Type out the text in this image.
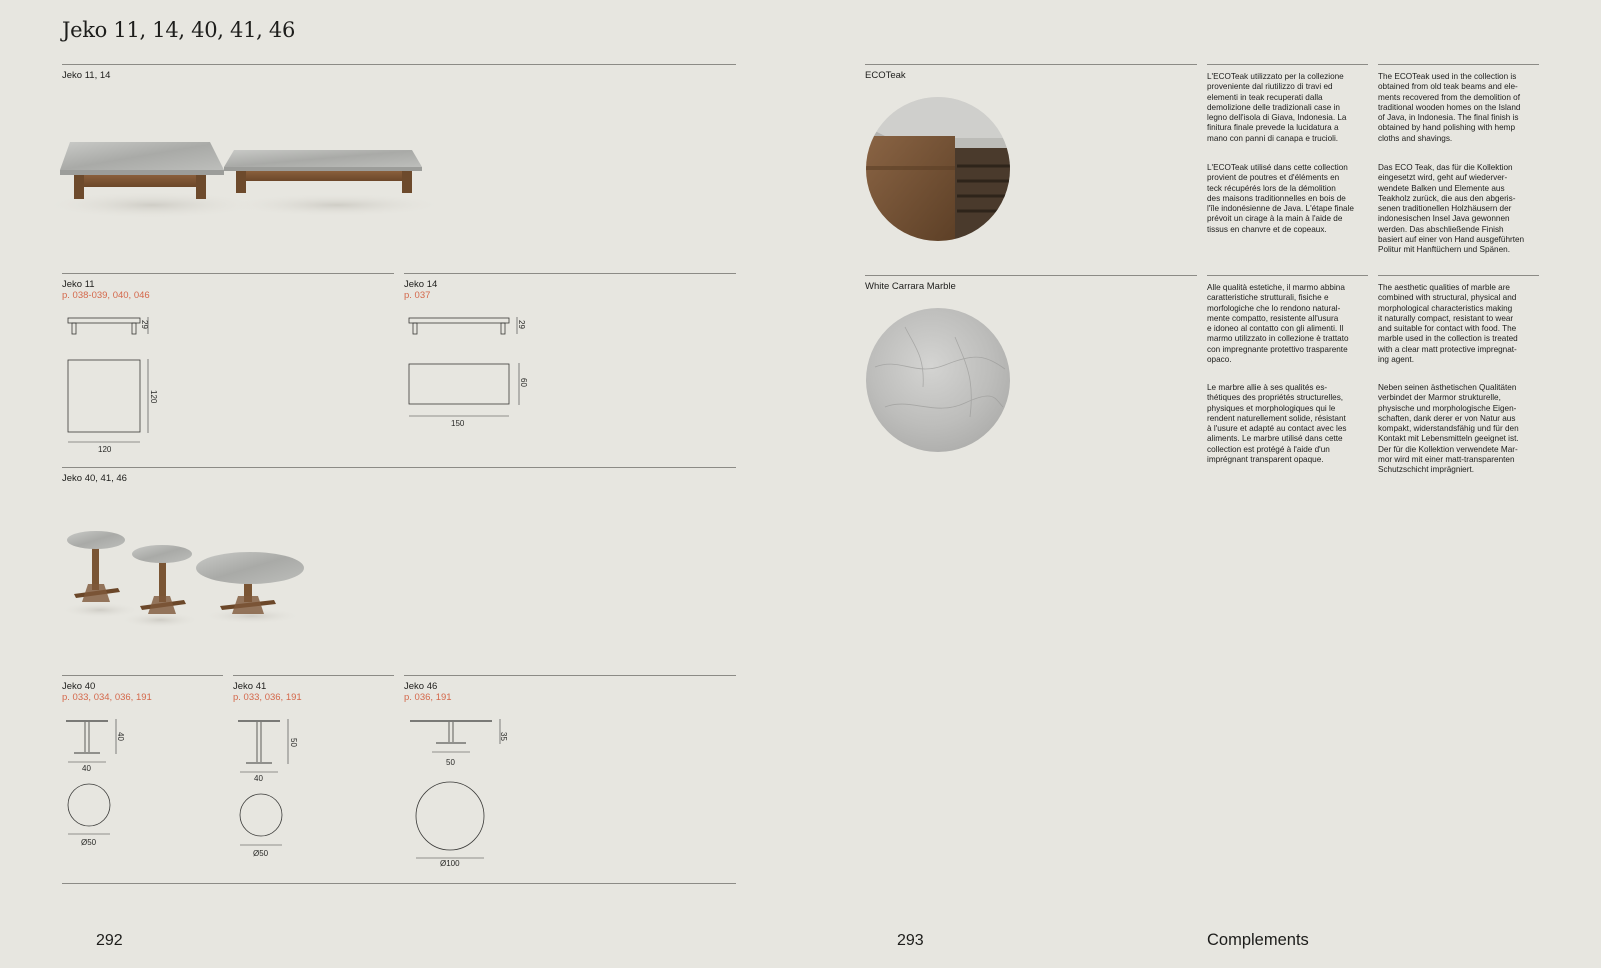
Jeko 11, 14, 40, 41, 46
Jeko 11, 14
Jeko 11
p. 038-039, 040, 046
Jeko 14
p. 037
29
120
120
29
60
150
Jeko 40, 41, 46
Jeko 40
p. 033, 034, 036, 191
Jeko 41
p. 033, 036, 191
Jeko 46
p. 036, 191
40
40
Ø50
50
40
Ø50
35
50
Ø100
292
ECOTeak	L'ECOTeak utilizzato per la collezione
proveniente dal riutilizzo di travi ed
elementi in teak recuperati dalla
demolizione delle tradizionali case in
legno dell'isola di Giava, Indonesia. La
finitura finale prevede la lucidatura a
mano con panni di canapa e trucioli.
The ECOTeak used in the collection is
obtained from old teak beams and ele-
ments recovered from the demolition of
traditional wooden homes on the Island
of Java, in Indonesia. The final finish is
obtained by hand polishing with hemp
cloths and shavings.
L'ECOTeak utilisé dans cette collection
provient de poutres et d'éléments en
teck récupérés lors de la démolition
des maisons traditionnelles en bois de
l'île indonésienne de Java. L'étape finale
prévoit un cirage à la main à l'aide de
tissus en chanvre et de copeaux.
Das ECO Teak, das für die Kollektion
eingesetzt wird, geht auf wiederver-
wendete Balken und Elemente aus
Teakholz zurück, die aus den abgeris-
senen traditionellen Holzhäusern der
indonesischen Insel Java gewonnen
werden. Das abschließende Finish
basiert auf einer von Hand ausgeführten
Politur mit Hanftüchern und Spänen.
White Carrara Marble	Alle qualità estetiche, il marmo abbina
caratteristiche strutturali, fisiche e
morfologiche che lo rendono natural-
mente compatto, resistente all'usura
e idoneo al contatto con gli alimenti. Il
marmo utilizzato in collezione è trattato
con impregnante protettivo trasparente
opaco.
The aesthetic qualities of marble are
combined with structural, physical and
morphological characteristics making
it naturally compact, resistant to wear
and suitable for contact with food. The
marble used in the collection is treated
with a clear matt protective impregnat-
ing agent.
Le marbre allie à ses qualités es-
thétiques des propriétés structurelles,
physiques et morphologiques qui le
rendent naturellement solide, résistant
à l'usure et adapté au contact avec les
aliments. Le marbre utilisé dans cette
collection est protégé à l'aide d'un
imprégnant transparent opaque.
Neben seinen ästhetischen Qualitäten
verbindet der Marmor strukturelle,
physische und morphologische Eigen-
schaften, dank derer er von Natur aus
kompakt, widerstandsfähig und für den
Kontakt mit Lebensmitteln geeignet ist.
Der für die Kollektion verwendete Mar-
mor wird mit einer matt-transparenten
Schutzschicht imprägniert.
293	Complements
